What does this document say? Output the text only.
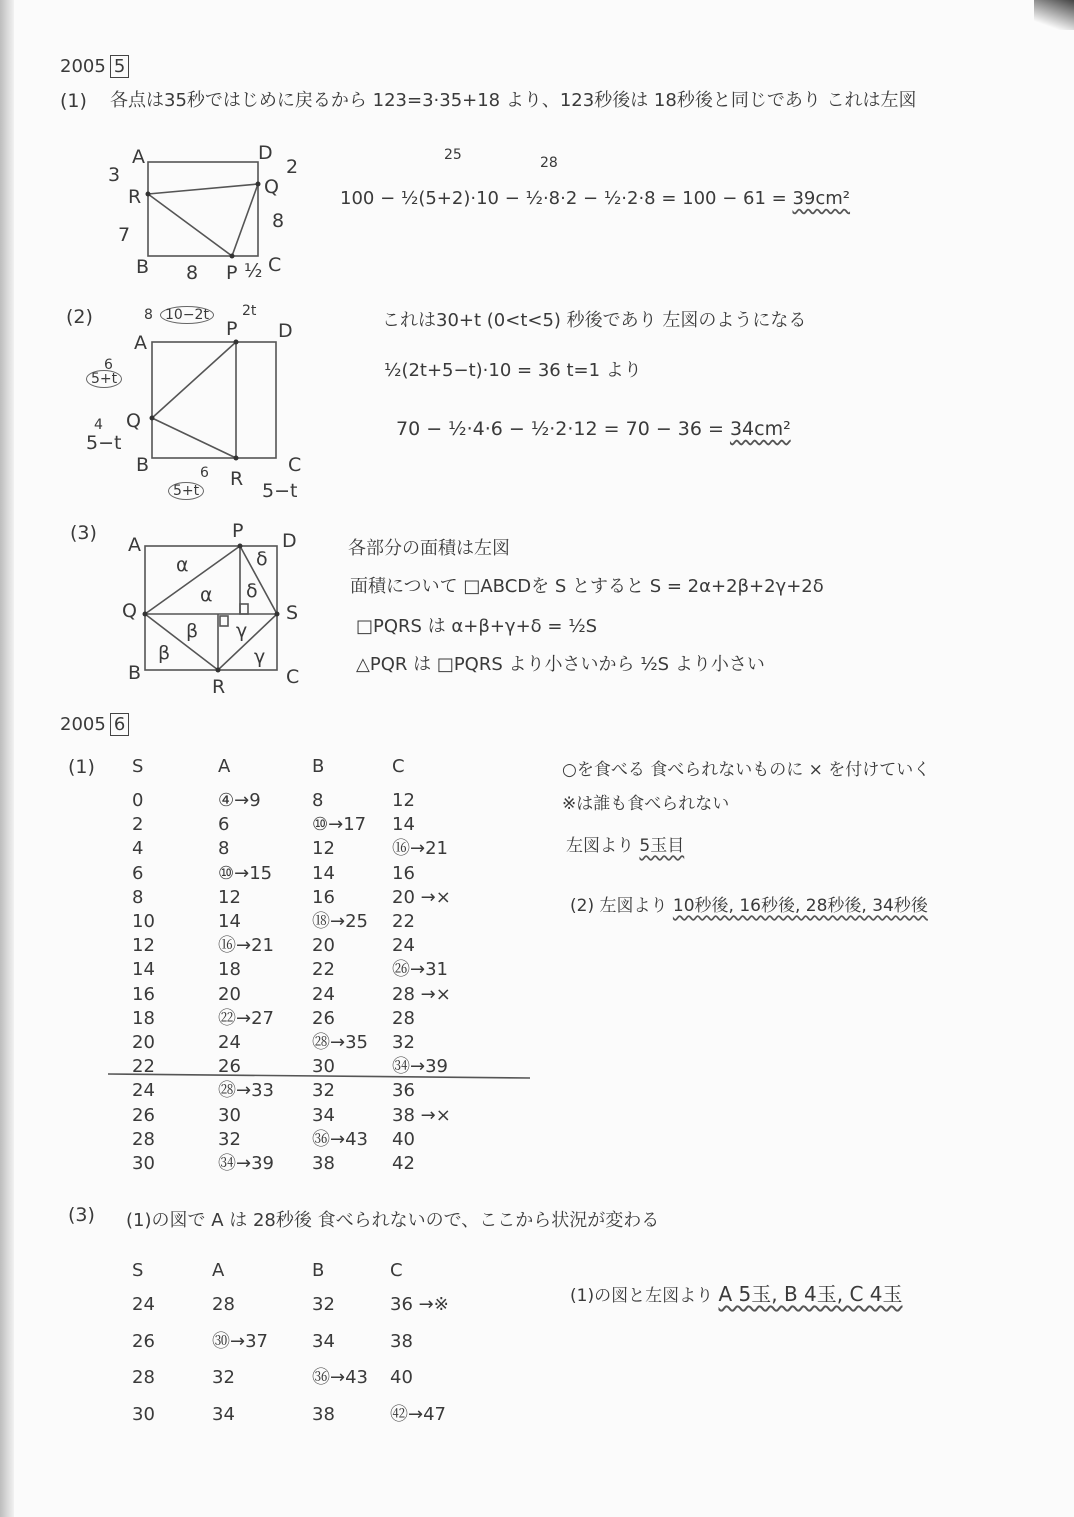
2005 5
(1) 各点は35秒ではじめに戻るから 123=3·35+18 より、123秒後は 18秒後と同じであり これは左図
A	D
2
3
R	Q
7
8
B 8 P ½ C
25	28
100 − ½(5+2)·10 − ½·8·2 − ½·2·8 = 100 − 61 = 39cm²
(2)	8 10−2t	2t
A
P D
6
5+t
Q
4
5−t
B	C
6 R
5+t	5−t
これは30+t (0<t<5) 秒後であり 左図のようになる
½(2t+5−t)·10 = 36 t=1 より
70 − ½·4·6 − ½·2·12 = 70 − 36 = 34cm²
(3)
A
P D
Q	S
B
R	C
α
α
δ
δ
β
β
γ
γ
各部分の面積は左図
面積について □ABCDを S とすると S = 2α+2β+2γ+2δ
□PQRS は α+β+γ+δ = ½S
△PQR は □PQRS より小さいから ½S より小さい
2005 6
(1) S	A	B	C
0	④→9	8	12
2	6	⑩→17 14
4	8	12	⑯→21
6	⑩→15 14	16
8	12	16	20 →×
10	14	⑱→25 22
12	⑯→21 20	24
14	18	22	㉖→31
16	20	24	28 →×
18	㉒→27 26	28
20	24	㉘→35 32
22	26	30	㉞→39
24	㉘→33 32	36
26	30	34	38 →×
28	32	㊱→43 40
30	㉞→39 38	42
○を食べる 食べられないものに × を付けていく
※は誰も食べられない
左図より 5玉目
(2) 左図より 10秒後, 16秒後, 28秒後, 34秒後
(3) (1)の図で A は 28秒後 食べられないので、ここから状況が変わる
S	A	B	C
24	28	32	36 →※
26	㉚→37 34	38
28	32	㊱→43 40
30	34	38	㊷→47
(1)の図と左図より A 5玉, B 4玉, C 4玉
